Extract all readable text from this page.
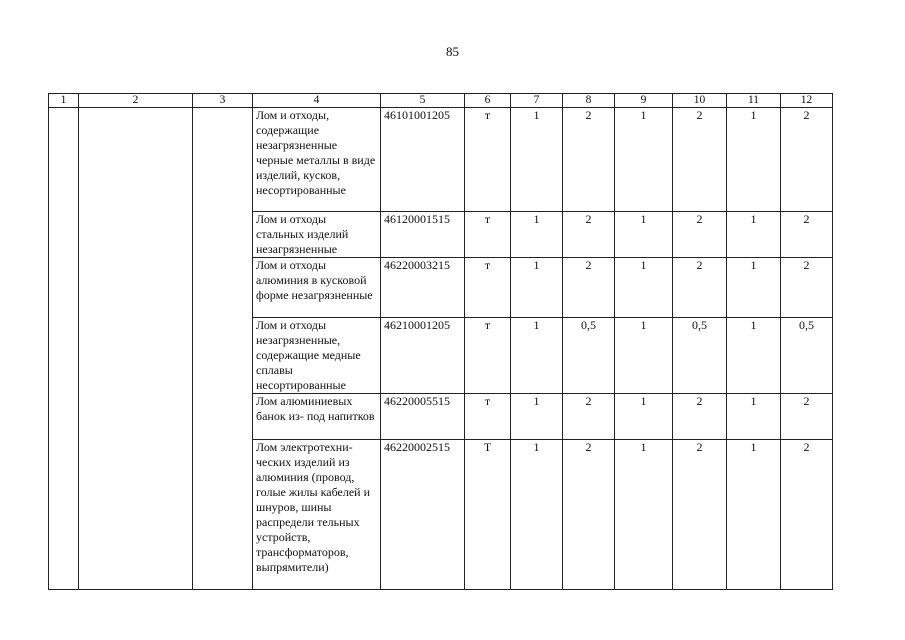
85
1	2	3	4	5	6	7	8	9	10	11	12
			Лом и отходы, содержащие незагрязненные черные металлы в виде изделий, кусков, несортированные	46101001205	т	1	2	1	2	1	2
			Лом и отходы стальных изделий незагрязненные	46120001515	т	1	2	1	2	1	2
			Лом и отходы алюминия в кусковой форме незагрязненные	46220003215	т	1	2	1	2	1	2
			Лом и отходы незагрязненные, содержащие медные сплавы несортированные	46210001205	т	1	0,5	1	0,5	1	0,5
			Лом алюминиевых банок из- под напитков	46220005515	т	1	2	1	2	1	2
			Лом электротехни-ческих изделий из алюминия (провод, голые жилы кабелей и шнуров, шины распредели тельных устройств, трансформаторов, выпрямители)	46220002515	Т	1	2	1	2	1	2
